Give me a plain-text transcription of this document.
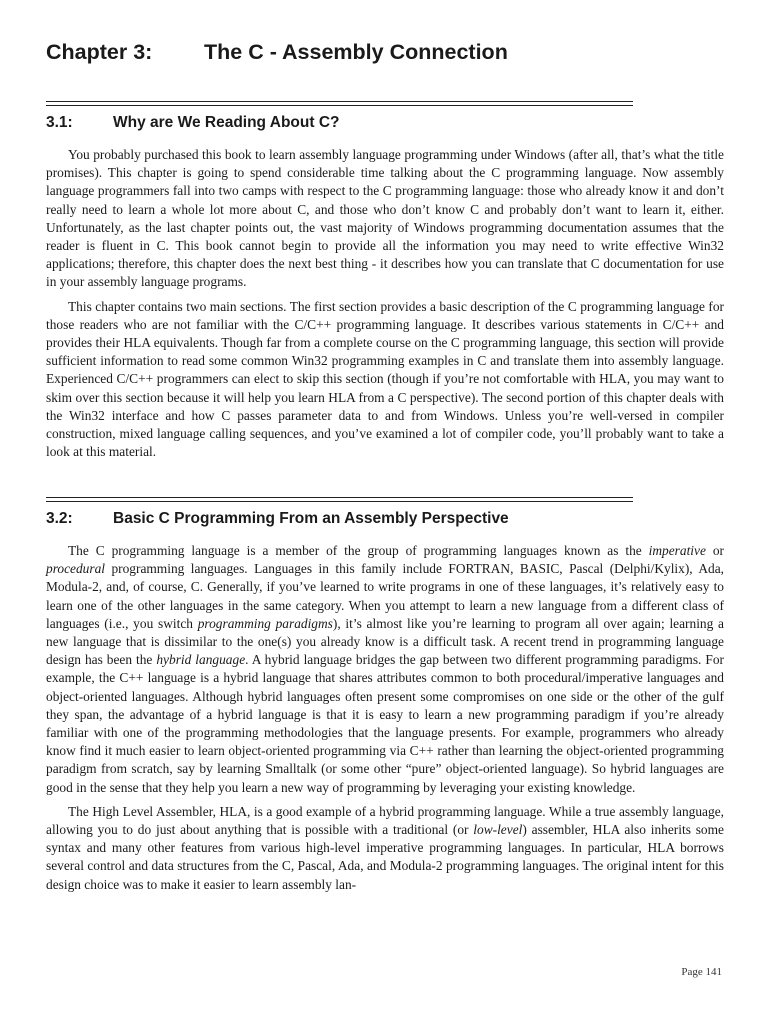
Chapter 3: The C - Assembly Connection
3.1:	Why are We Reading About C?

You probably purchased this book to learn assembly language programming under Windows (after all, that’s what the title promises). This chapter is going to spend considerable time talking about the C programming language. Now assembly language programmers fall into two camps with respect to the C programming language: those who already know it and don’t really need to learn a whole lot more about C, and those who don’t know C and probably don’t want to learn it, either. Unfortunately, as the last chapter points out, the vast majority of Windows programming documentation assumes that the reader is fluent in C. This book cannot begin to provide all the information you may need to write effective Win32 applications; therefore, this chapter does the next best thing - it describes how you can translate that C documentation for use in your assembly language programs.

This chapter contains two main sections. The first section provides a basic description of the C programming language for those readers who are not familiar with the C/C++ programming language. It describes various statements in C/C++ and provides their HLA equivalents. Though far from a complete course on the C programming language, this section will provide sufficient information to read some common Win32 programming examples in C and translate them into assembly language. Experienced C/C++ programmers can elect to skip this section (though if you’re not comfortable with HLA, you may want to skim over this section because it will help you learn HLA from a C perspective). The second portion of this chapter deals with the Win32 interface and how C passes parameter data to and from Windows. Unless you’re well-versed in compiler construction, mixed language calling sequences, and you’ve examined a lot of compiler code, you’ll probably want to take a look at this material.

3.2:	Basic C Programming From an Assembly Perspective

The C programming language is a member of the group of programming languages known as the imperative or procedural programming languages. Languages in this family include FORTRAN, BASIC, Pascal (Delphi/Kylix), Ada, Modula-2, and, of course, C. Generally, if you’ve learned to write programs in one of these languages, it’s relatively easy to learn one of the other languages in the same category. When you attempt to learn a new language from a different class of languages (i.e., you switch programming paradigms), it’s almost like you’re learning to program all over again; learning a new language that is dissimilar to the one(s) you already know is a difficult task. A recent trend in programming language design has been the hybrid language. A hybrid language bridges the gap between two different programming paradigms. For example, the C++ language is a hybrid language that shares attributes common to both procedural/imperative languages and object-oriented languages. Although hybrid languages often present some compromises on one side or the other of the gulf they span, the advantage of a hybrid language is that it is easy to learn a new programming paradigm if you’re already familiar with one of the programming methodologies that the language presents. For example, programmers who already know find it much easier to learn object-oriented programming via C++ rather than learning the object-oriented programming paradigm from scratch, say by learning Smalltalk (or some other “pure” object-oriented language). So hybrid languages are good in the sense that they help you learn a new way of programming by leveraging your existing knowledge.

The High Level Assembler, HLA, is a good example of a hybrid programming language. While a true assembly language, allowing you to do just about anything that is possible with a traditional (or low-level) assembler, HLA also inherits some syntax and many other features from various high-level imperative programming languages. In particular, HLA borrows several control and data structures from the C, Pascal, Ada, and Modula-2 programming languages. The original intent for this design choice was to make it easier to learn assembly lan-

Page 141
